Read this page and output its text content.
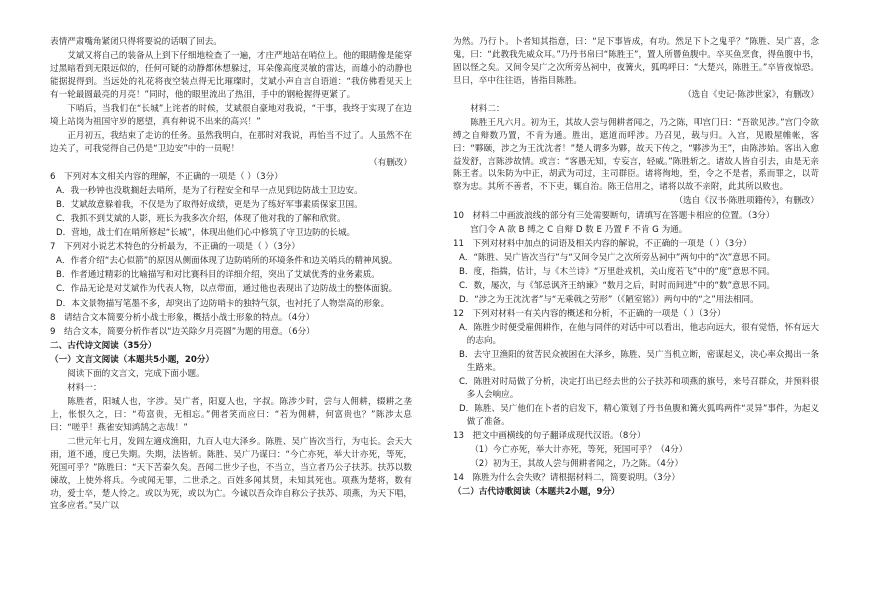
表情严肃嘴角紧闭只得将要说的话咽了回去。

艾斌又将自己的装备从上到下仔细地检查了一遍，才庄严地站在哨位上。他的眼睛像是能穿过黑暗看到无限远似的，任何可疑的动静都休想躲过，耳朵像高度灵敏的雷达，而雄小的动静也能据捉得到。当远处的礼花将夜空装点得无比璀璨时，艾斌小声自言自语道：“我仿佛看见天上有一轮最圆最亮的月亮！”同时，他的眼里流出了热泪，手中的钢枪握得更紧了。

下哨后，当我们在“长城”上诧者的时候，艾斌很自豪地对我说，“干事，我终于实现了在边境上站岗为祖国守岁的愿望，真有种说不出来的高兴！”

正月初五，我结束了走访的任务。虽然我明白，在那时对我说，再怡当不过了。人虽然不在边关了，可我觉得自己仍是“卫边安”中的一员呢！

（有删改）

6　下列对本文相关内容的理解，不正确的一项是（ ）（3分）

A．我一秒钟也没耽搁赶去哨所，是为了行程安全和早一点见到边防战士卫边安。

B．艾斌故意躲着我，不仅是为了取得好成绩，更是为了练好军事素质保家卫国。

C．我抓不到艾斌的人影，班长为我多次介绍，体现了他对我的了解和欣赏。

D．营地，战士们在哨所修起“长城”，体现出他们心中修筑了守卫边防的长城。

7　下列对小说艺术特色的分析最为，不正确的一项是（ ）（3分）

A．作者介绍“去心似箭”的原因从侧面体现了边防哨所的环境条件和边关哨兵的精神风貌。

B．作者通过精彩的比喻描写和对比赛科目的详细介绍，突出了艾斌优秀的业务素质。

C．作品无论是对艾斌作为代表人物，以点带面，通过他也表现出了边防战士的整体面貌。

D．本文景物描写笔墨不多，却突出了边防哨卡的独特气氛，也衬托了人物崇高的形象。

8　请结合文本简要分析小战士形象，概括小战士形象的特点。（4分）

9　结合文本，简要分析作者以“边关除夕月亮圆”为题的用意。（6分）

二、古代诗文阅读（35分）

（一）文言文阅读（本题共5小题，20分）

阅读下面的文言文，完成下面小题。

材料一：

陈胜者，阳城人也，字涉。吴广者，阳夏人也，字叔。陈涉少时，尝与人佣耕，辍耕之垄上，怅恨久之，曰：“苟富贵，无相忘。”佣者笑而应曰：“若为佣耕，何富贵也？”陈涉太息曰：“嗟乎！燕雀安知鸿鹄之志哉！”

二世元年七月，发闾左適戍渔阳，九百人屯大泽乡。陈胜、吴广皆次当行，为屯长。会天大雨，道不通，度已失期。失期，法皆斩。陈胜、吴广乃谋曰：“今亡亦死，举大计亦死，等死，死国可乎？”陈胜曰：“天下苦秦久矣。吾闻二世少子也，不当立，当立者乃公子扶苏。扶苏以数谏故，上使外将兵。今或闻无罪，二世杀之。百姓多闻其贤，未知其死也。项燕为楚将，数有功，爱士卒，楚人怜之。或以为死，或以为亡。今诚以吾众诈自称公子扶苏、项燕，为天下唱，宜多应者。”吴广以

为然。乃行卜。卜者知其指意，曰：“足下事皆成，有功。然足下卜之鬼乎？”陈胜、吴广喜，念鬼，曰：“此教我先威众耳。”乃丹书帛曰“陈胜王”，置人所罾鱼腹中。卒买鱼烹食，得鱼腹中书，固以怪之矣。又间令吴广之次所旁丛祠中，夜篝火，狐鸣呼曰：“大楚兴，陈胜王。”卒皆夜惊恐。旦日，卒中往往语，皆指目陈胜。

（选自《史记·陈涉世家》，有删改）

材料二：

陈胜王凡六月。初为王，其故人尝与佣耕者闻之，乃之陈，叩宫门曰：“吾欲见涉。”宫门令欲缚之自辩数乃置，不肯为通。胜出，遮道而呼涉。乃召见，载与归。入宫，见殿屋帷帐，客曰：“夥颐，涉之为王沈沈者！”楚人谓多为夥，故天下传之，“夥涉为王”，由陈涉始。客出入愈益发舒，言陈涉故情。或言：“客愚无知，专妄言，轻威。”陈胜斩之。诸故人皆自引去，由是无亲陈王者。以朱防为中正，胡武为司过，主司群臣。诸将徇地，至，令之不是者，系而罪之，以苛察为忠。其所不善者，不下吏，辄自治。陈王信用之，诸将以故不亲附，此其所以败也。

（选自《汉书·陈胜项籍传》，有删改）

10　材料二中画波浪线的部分有三处需要断句，请填写在答题卡相应的位置。（3分）

宫门令 A 欲 B 缚之 C 自辩 D 数 E 乃置 F 不肯 G 为通。

11　下列对材料中加点的词语及相关内容的解说，不正确的一项是（ ）（3分）

A．“陈胜、吴广皆次当行”与“又间令吴广之次所旁丛祠中”两句中的“次”意思不同。

B．度，指揣，估计，与《木兰诗》“万里赴戎机，关山度若飞”中的“度”意思不同。

C．数，屡次，与《邹忌讽齐王纳谏》“数月之后，时时而间进”中的“数”意思不同。

D．“涉之为王沈沈者”与“无乘戟之劳形”（《陋室铭》）两句中的“之”用法相同。

12　下列对材料一有关内容的概述和分析，不正确的一项是（ ）（3分）

A．陈胜少时便受雇佣耕作，在他与同伴的对话中可以看出，他志向远大，很有觉悟，怀有远大的志向。

B．去守卫渔阳的贫苦民众被困在大泽乡，陈胜、吴广当机立断，密谋起义，决心率众揭出一条生路来。

C．陈胜对时局做了分析，决定打出已经去世的公子扶苏和项燕的旗号，来号召群众，并预料很多人会响应。

D．陈胜、吴广他们在卜者的启发下，精心策划了丹书鱼腹和篝火狐鸣两件“灵异”事件，为起义做了准备。

13　把文中画横线的句子翻译成现代汉语。（8分）

（1）今亡亦死，举大计亦死，等死，死国可乎？（4分）

（2）初为王，其故人尝与佣耕者闻之，乃之陈。（4分）

14　陈胜为什么会失败？请根据材料二，简要说明。（3分）

（二）古代诗歌阅读（本题共2小题，9分）
